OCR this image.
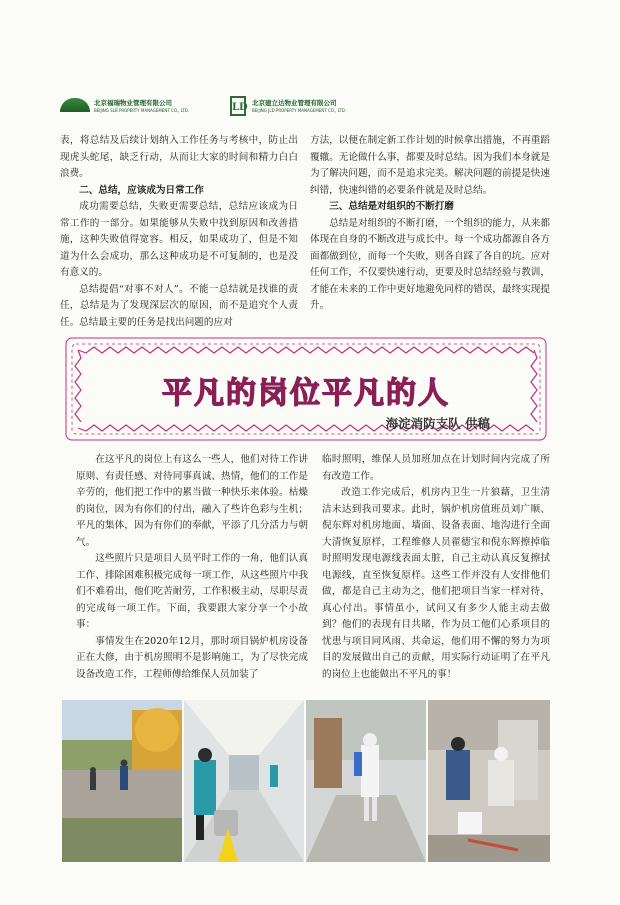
北京福瑞物业管理有限公司
BEIJING SLB PROPERTY MANAGEMENT CO., LTD.	LD 北京建立达物业管理有限公司
BEIJING JLD PROPERTY MANAGEMENT CO., LTD.

表，将总结及后续计划纳入工作任务与考核中，防止出现虎头蛇尾，缺乏行动，从而让大家的时间和精力白白浪费。

二、总结，应该成为日常工作

成功需要总结，失败更需要总结，总结应该成为日常工作的一部分。如果能够从失败中找到原因和改善措施，这种失败值得宽容。相反，如果成功了，但是不知道为什么会成功，那么这种成功是不可复制的，也是没有意义的。

总结提倡“对事不对人”。不能一总结就是找谁的责任，总结是为了发现深层次的原因，而不是追究个人责任。总结最主要的任务是找出问题的应对

方法，以便在制定新工作计划的时候拿出措施，不再重蹈覆辙。无论做什么事，都要及时总结。因为我们本身就是为了解决问题，而不是追求完美。解决问题的前提是快速纠错，快速纠错的必要条件就是及时总结。

三、总结是对组织的不断打磨

总结是对组织的不断打磨，一个组织的能力，从来都体现在自身的不断改进与成长中。每一个成功都源自各方面都做到位，而每一个失败，则各自踩了各自的坑。应对任何工作，不仅要快速行动，更要及时总结经验与教训，才能在未来的工作中更好地避免同样的错误，最终实现提升。

平凡的岗位平凡的人
海淀消防支队 供稿

在这平凡的岗位上有这么一些人，他们对待工作讲原则、有责任感、对待同事真诚、热情，他们的工作是辛劳的，他们把工作中的累当做一种快乐来体验。枯燥的岗位，因为有你们的付出，融入了些许色彩与生机；平凡的集体，因为有你们的奉献，平添了几分活力与朝气。

这些照片只是项目人员平时工作的一角，他们认真工作、排除困难积极完成每一项工作，从这些照片中我们不难看出，他们吃苦耐劳，工作积极主动，尽职尽责的完成每一项工作。下面，我要跟大家分享一个小故事：

事情发生在2020年12月，那时项目锅炉机房设备正在大修，由于机房照明不是影响施工，为了尽快完成设备改造工作，工程师傅给维保人员加装了

临时照明，维保人员加班加点在计划时间内完成了所有改造工作。

改造工作完成后，机房内卫生一片狼藉，卫生清洁未达到我司要求。此时，锅炉机房值班员刘广顺、倪东辉对机房地面、墙面、设备表面、地沟进行全面大清恢复原样，工程维修人员翟德宝和倪东辉擦掉临时照明发现电源线表面太脏，自己主动认真反复擦拭电源线，直至恢复原样。这些工作并没有人安排他们做，都是自己主动为之，他们把项目当家一样对待，真心付出。事情虽小，试问又有多少人能主动去做到？他们的表现有目共睹，作为员工他们心系项目的忧患与项目同风雨、共命运，他们用不懈的努力为项目的发展做出自己的贡献，用实际行动证明了在平凡的岗位上也能做出不平凡的事！
